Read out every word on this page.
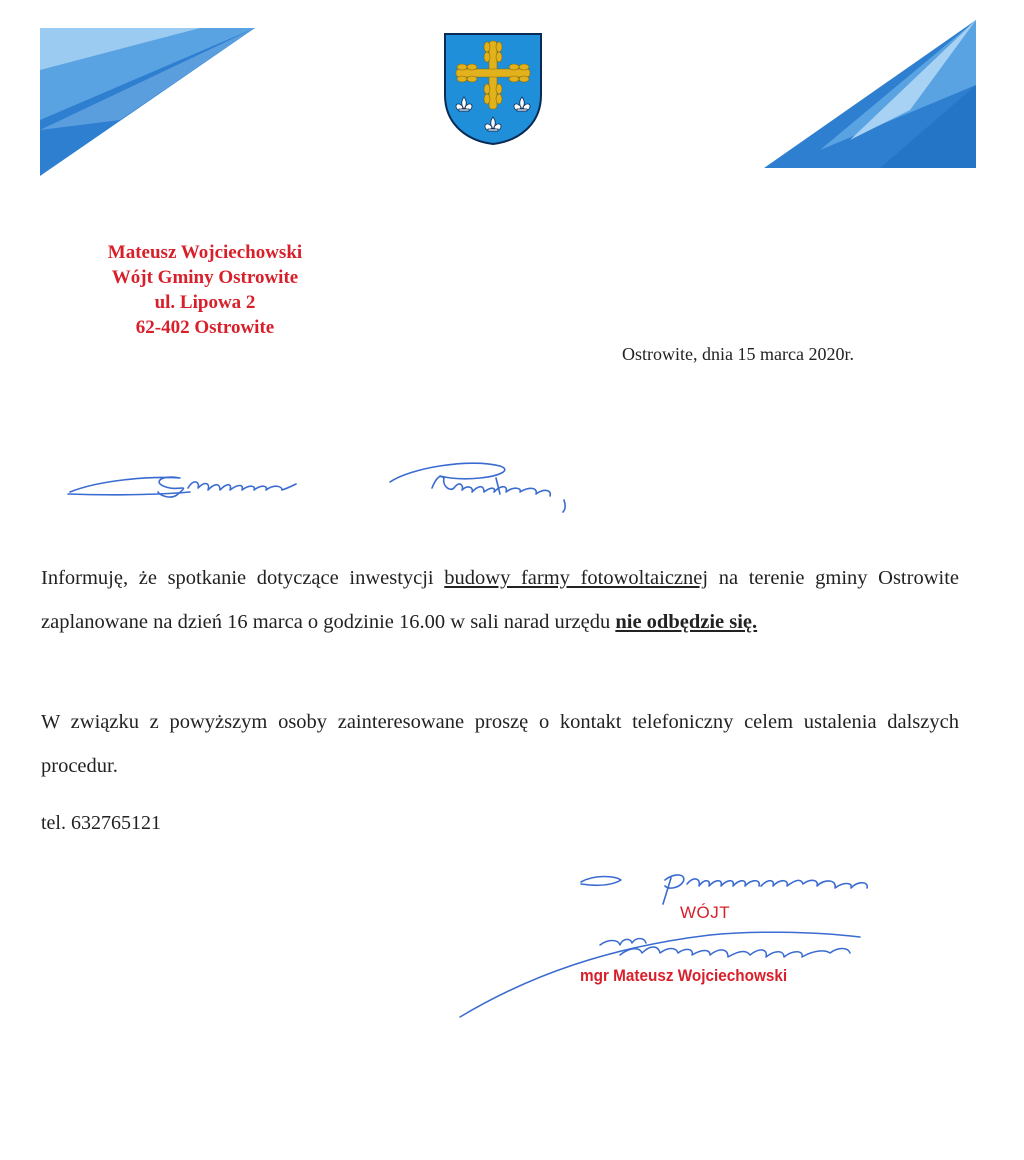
Mateusz Wojciechowski
Wójt Gminy Ostrowite
ul. Lipowa 2
62-402 Ostrowite
Ostrowite, dnia 15 marca 2020r.
Informuję, że spotkanie dotyczące inwestycji budowy farmy fotowoltaicznej na terenie gminy Ostrowite zaplanowane na dzień 16 marca o godzinie 16.00 w sali narad urzędu nie odbędzie się.
W związku z powyższym osoby zainteresowane proszę o kontakt telefoniczny celem ustalenia dalszych procedur.
tel. 632765121
WÓJT
mgr Mateusz Wojciechowski
